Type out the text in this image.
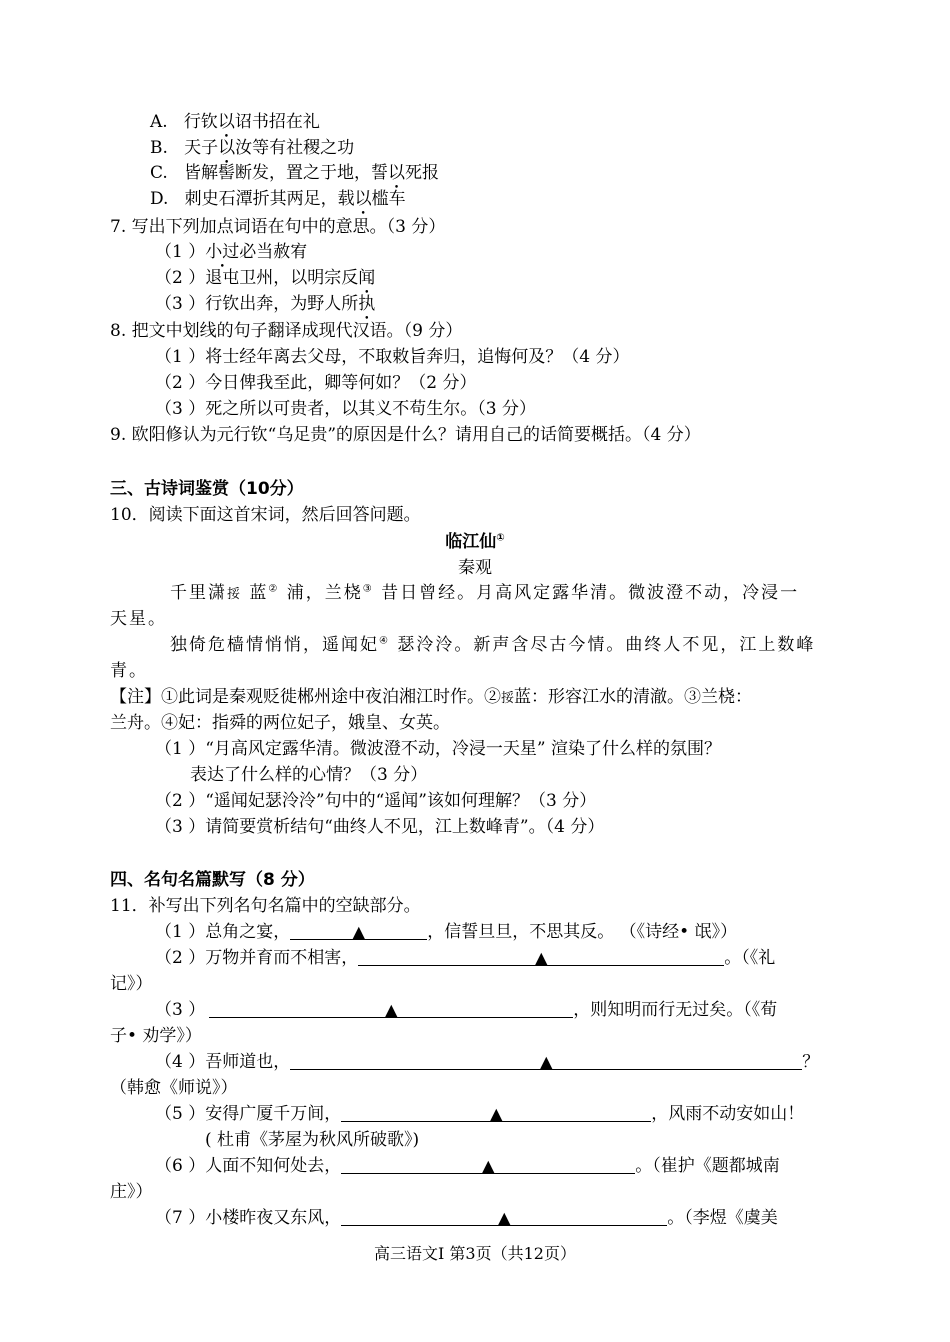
A. 行钦以诏书招在礼
B. 天子以汝等有社稷之功
C. 皆解髻断发，置之于地，誓以死报
D. 刺史石潭折其两足，载以槛车
7. 写出下列加点词语在句中的意思。（3 分）
（1 ）小过必当赦宥
（2 ）退屯卫州，以明宗反闻
（3 ）行钦出奔，为野人所执
8. 把文中划线的句子翻译成现代汉语。（9 分）
（1 ）将士经年离去父母，不取敕旨奔归，追悔何及？（4 分）
（2 ）今日俾我至此，卿等何如？（2 分）
（3 ）死之所以可贵者，以其义不苟生尔。（3 分）
9. 欧阳修认为元行钦“乌足贵”的原因是什么？请用自己的话简要概括。（4 分）
三、古诗词鉴赏（10分）
10．阅读下面这首宋词，然后回答问题。
临江仙①
秦观
千里潇挼 蓝② 浦，兰桡③ 昔日曾经。月高风定露华清。微波澄不动，冷浸一
天星。
独倚危樯情悄悄，遥闻妃④ 瑟泠泠。新声含尽古今情。曲终人不见，江上数峰
青。
【注】①此词是秦观贬徙郴州途中夜泊湘江时作。②挼蓝：形容江水的清澈。③兰桡：
兰舟。④妃：指舜的两位妃子，娥皇、女英。
（1 ）“月高风定露华清。微波澄不动，冷浸一天星” 渲染了什么样的氛围？
表达了什么样的心情？（3 分）
（2 ）“遥闻妃瑟泠泠”句中的“遥闻”该如何理解？（3 分）
（3 ）请简要赏析结句“曲终人不见，江上数峰青”。（4 分）
四、名句名篇默写（8 分）
11．补写出下列名句名篇中的空缺部分。
（1 ）总角之宴，	▲	，信誓旦旦，不思其反。 （《诗经• 氓》）
（2 ）万物并育而不相害，	▲	。（《礼
记》）
（3 ）	▲	，则知明而行无过矣。（《荀
子• 劝学》）
（4 ）吾师道也，	▲	？
（韩愈《师说》）
（5 ）安得广厦千万间，	▲	，风雨不动安如山！
( 杜甫《茅屋为秋风所破歌》)
（6 ）人面不知何处去，	▲	。（崔护《题都城南
庄》）
（7 ）小楼昨夜又东风，	▲	。（李煜《虞美
高三语文Ⅰ 第3页（共12页）
